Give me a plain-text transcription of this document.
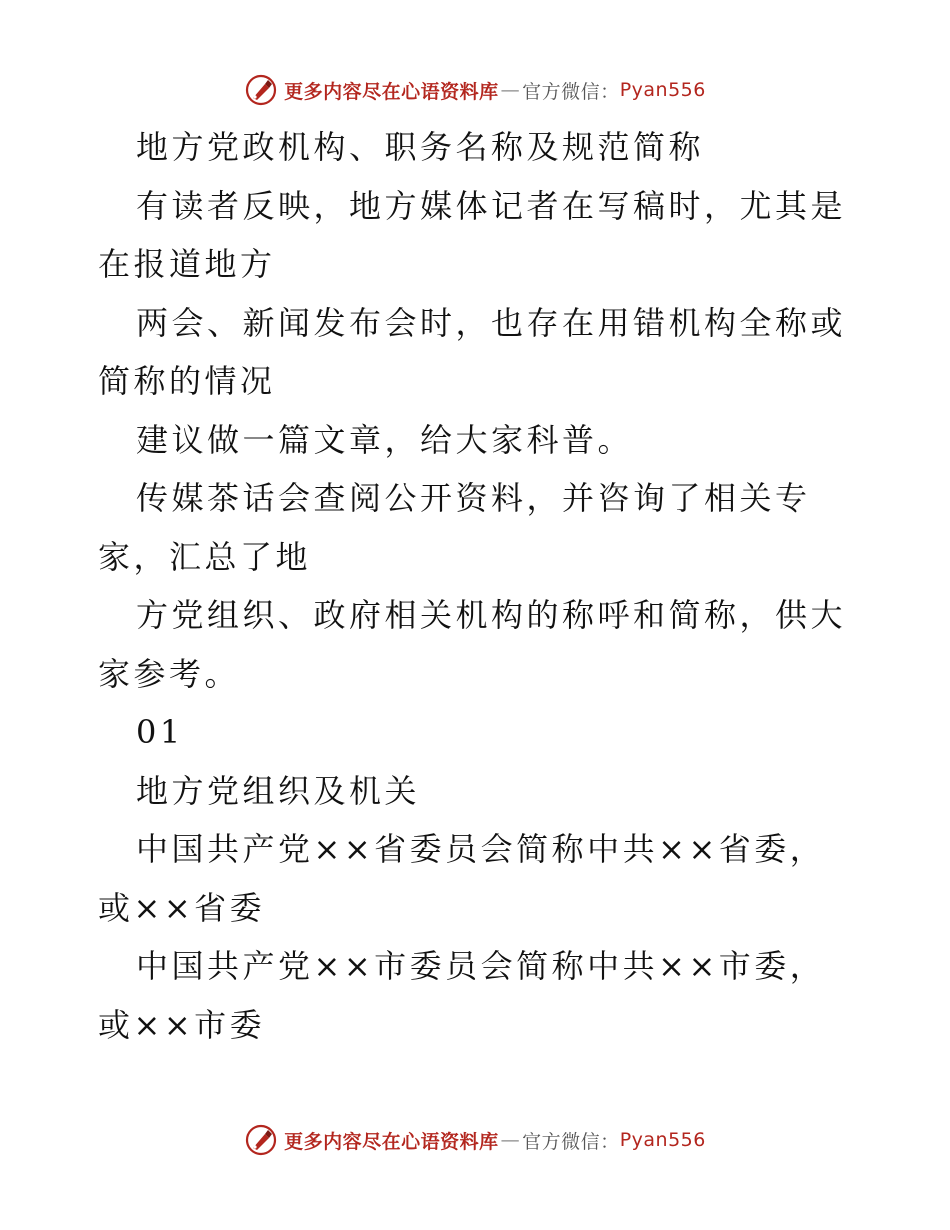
更多内容尽在心语资料库 — 官方微信： Pyan556

地方党政机构、职务名称及规范简称

有读者反映，地方媒体记者在写稿时，尤其是在报道地方

两会、新闻发布会时，也存在用错机构全称或简称的情况

建议做一篇文章，给大家科普。

传媒茶话会查阅公开资料，并咨询了相关专家，汇总了地

方党组织、政府相关机构的称呼和简称，供大家参考。

01

地方党组织及机关

中国共产党××省委员会简称中共××省委，或××省委

中国共产党××市委员会简称中共××市委，或××市委

更多内容尽在心语资料库 — 官方微信： Pyan556
